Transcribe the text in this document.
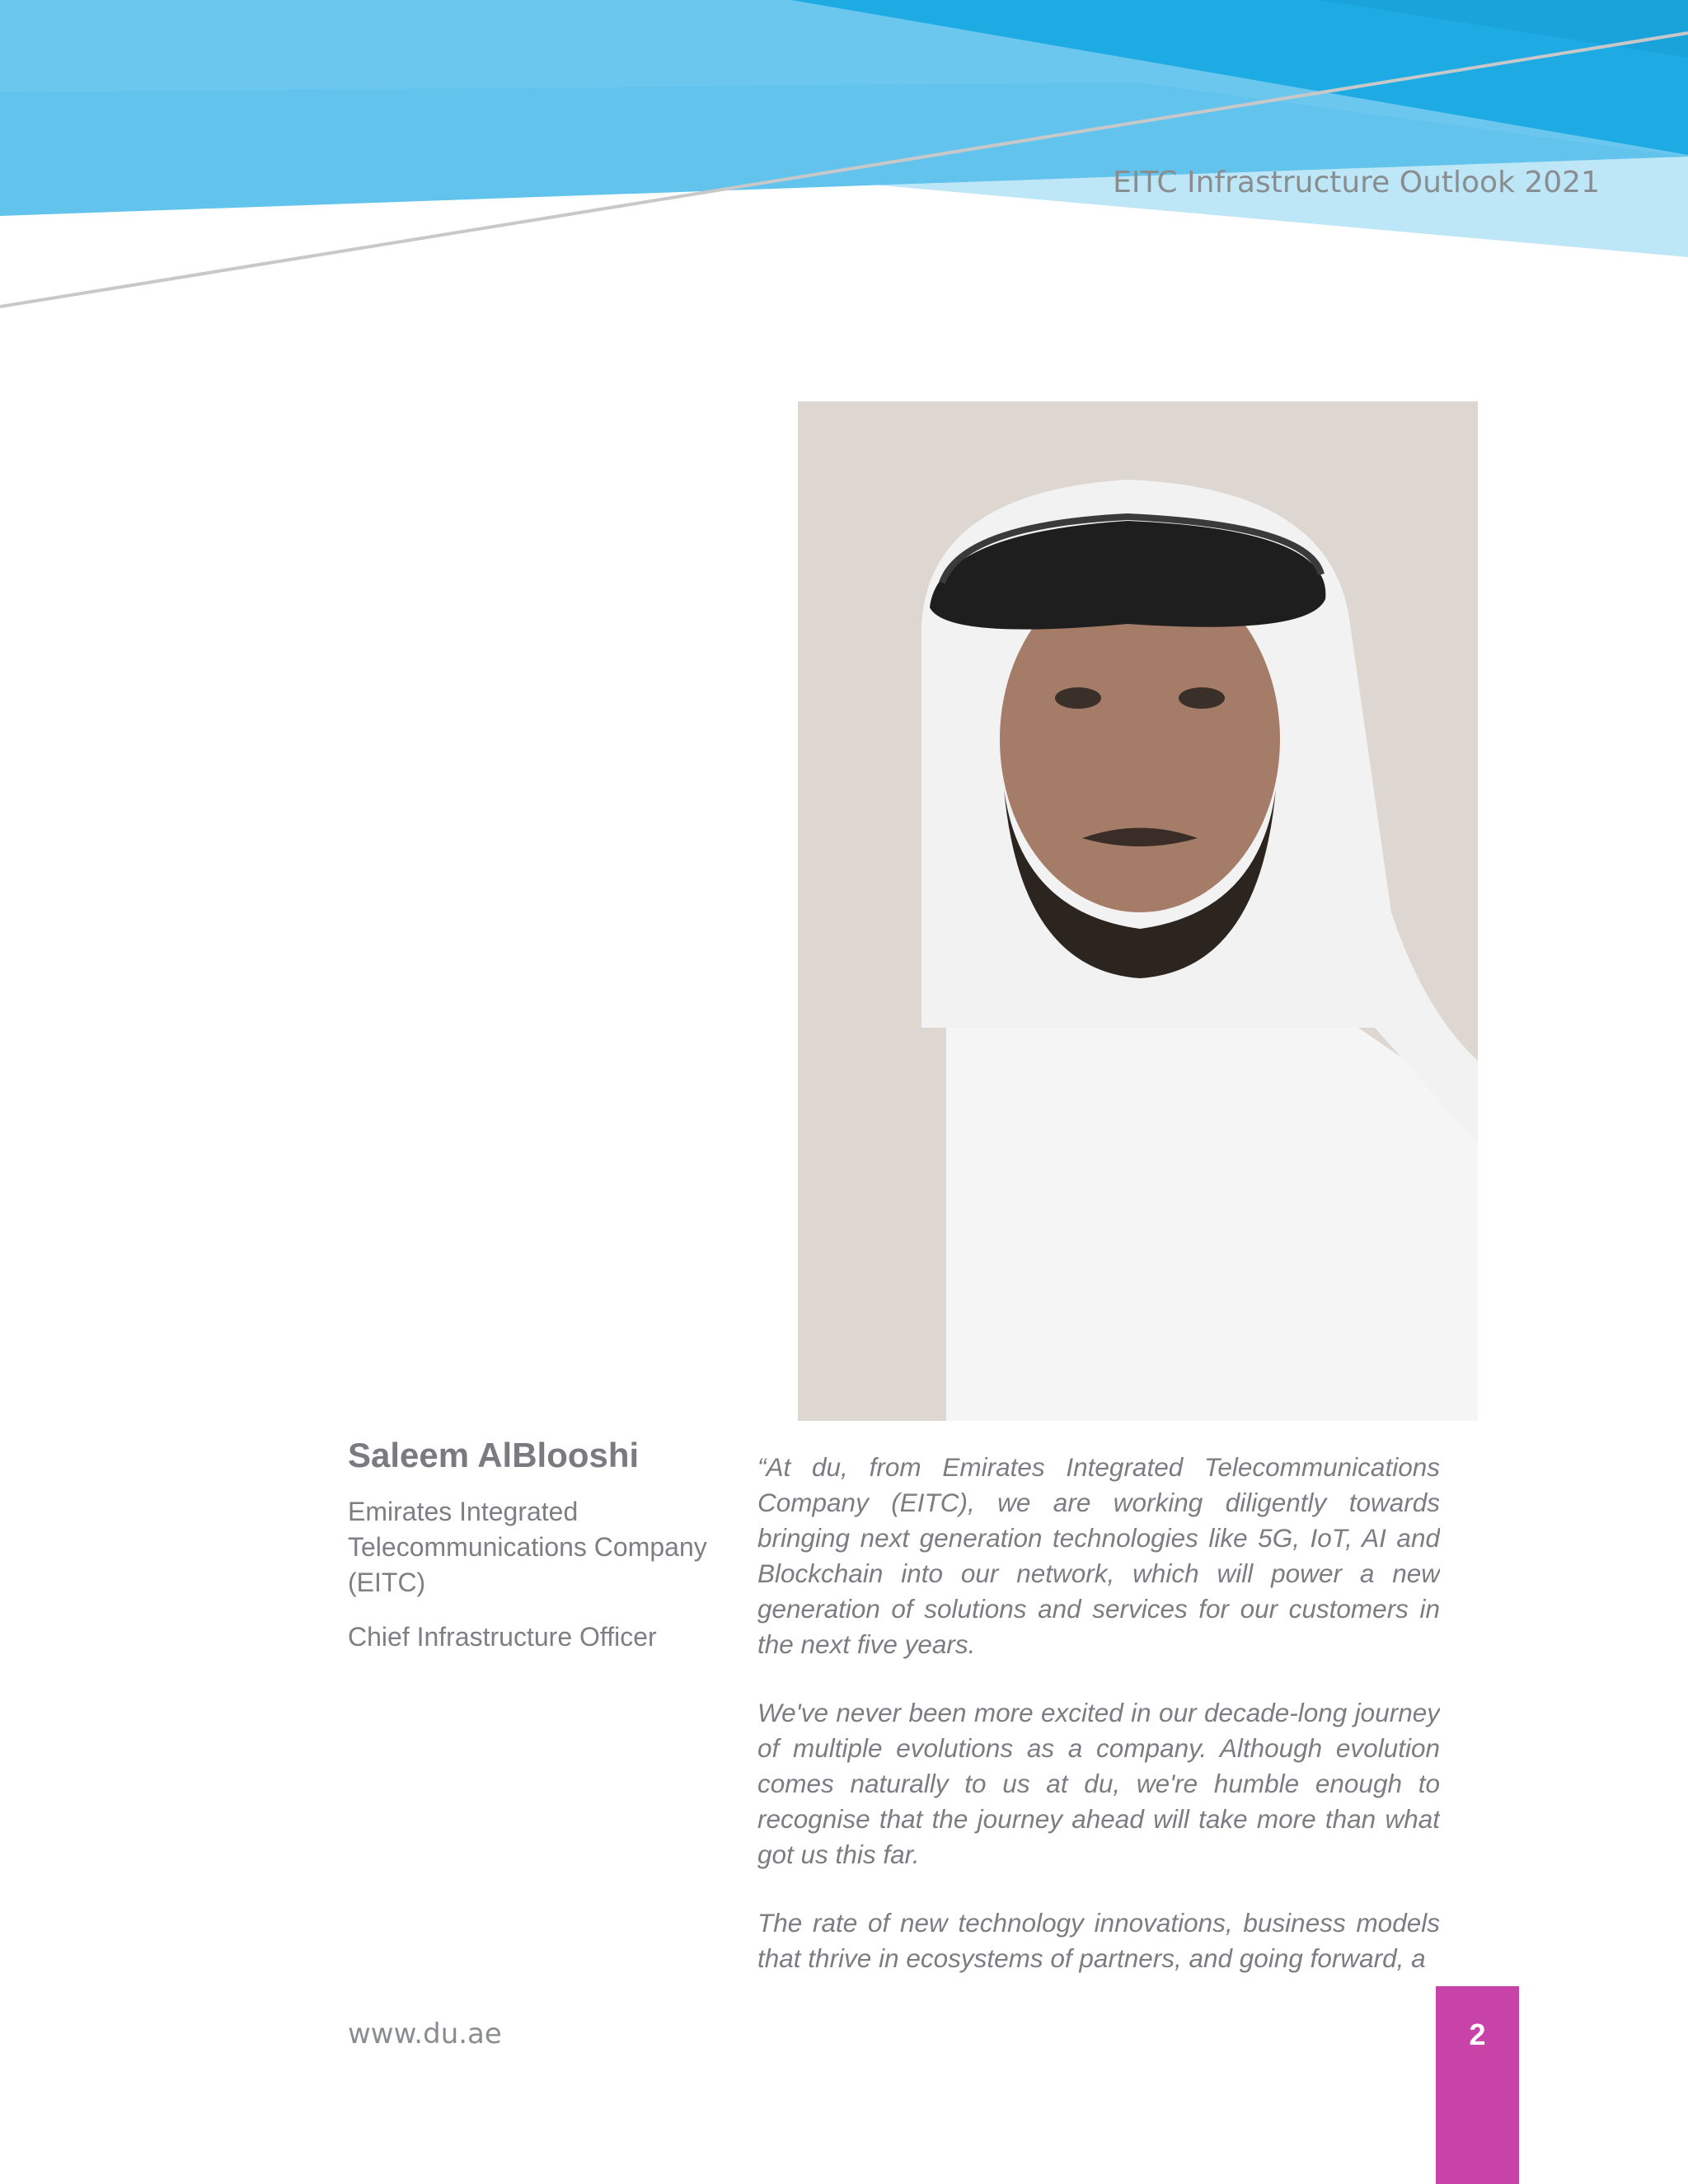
EITC Infrastructure Outlook 2021
Saleem AlBlooshi

Emirates Integrated Telecommunications Company (EITC)

Chief Infrastructure Officer

“At du, from Emirates Integrated Telecommunications Company (EITC), we are working diligently towards bringing next generation technologies like 5G, IoT, AI and Blockchain into our network, which will power a new generation of solutions and services for our customers in the next five years.

We've never been more excited in our decade-long journey of multiple evolutions as a company. Although evolution comes naturally to us at du, we're humble enough to recognise that the journey ahead will take more than what got us this far.

The rate of new technology innovations, business models that thrive in ecosystems of partners, and going forward, a

www.du.ae	2
